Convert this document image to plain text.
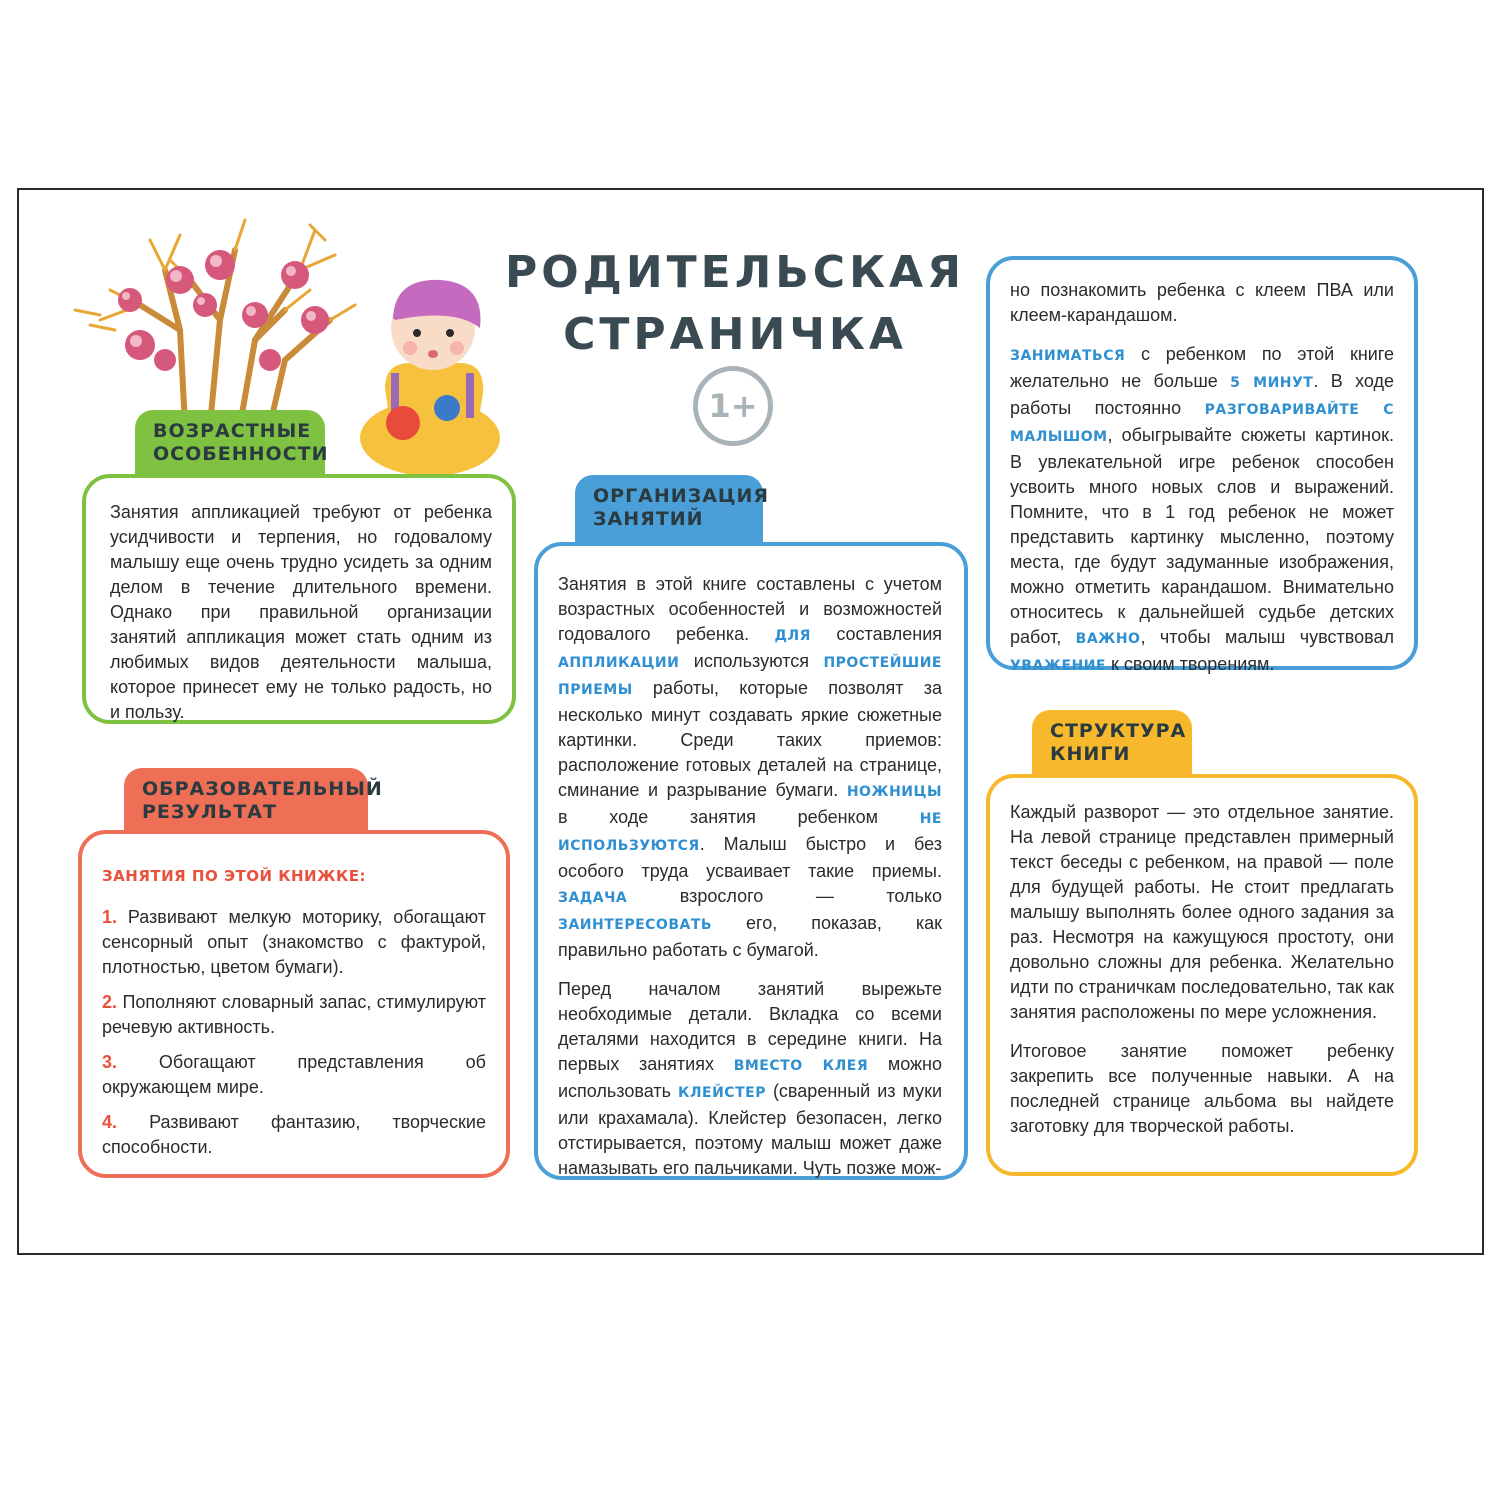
РОДИТЕЛЬСКАЯ
СТРАНИЧКА
1+
ВОЗРАСТНЫЕ
ОСОБЕННОСТИ

Занятия аппликацией требуют от ребенка усидчивости и терпения, но годовалому малышу еще очень трудно усидеть за одним делом в течение длительного времени. Однако при правильной организации занятий аппликация может стать одним из любимых видов деятельности малыша, которое принесет ему не только радость, но и пользу.

ОБРАЗОВАТЕЛЬНЫЙ
РЕЗУЛЬТАТ

ЗАНЯТИЯ ПО ЭТОЙ КНИЖКЕ:

1. Развивают мелкую моторику, обогащают сенсорный опыт (знакомство с фактурой, плотностью, цветом бумаги).

2. Пополняют словарный запас, стимулируют речевую активность.

3. Обогащают представления об окружающем мире.

4. Развивают фантазию, творческие способности.

ОРГАНИЗАЦИЯ
ЗАНЯТИЙ

Занятия в этой книге составлены с учетом возрастных особенностей и возможностей годовалого ребенка. ДЛЯ составления АППЛИКАЦИИ используются ПРОСТЕЙШИЕ ПРИЕМЫ работы, которые позволят за несколько минут создавать яркие сюжетные картинки. Среди таких приемов: расположение готовых деталей на странице, сминание и разрывание бумаги. НОЖНИЦЫ в ходе занятия ребенком НЕ ИСПОЛЬЗУЮТСЯ. Малыш быстро и без особого труда усваивает такие приемы. ЗАДАЧА взрослого — только ЗАИНТЕРЕСОВАТЬ его, показав, как правильно работать с бумагой.

Перед началом занятий вырежьте необходимые детали. Вкладка со всеми деталями находится в середине книги. На первых занятиях ВМЕСТО КЛЕЯ можно использовать КЛЕЙСТЕР (сваренный из муки или крахамала). Клейстер безопасен, легко отстирывается, поэтому малыш может даже намазывать его пальчиками. Чуть позже мож-

но познакомить ребенка с клеем ПВА или клеем-карандашом.

ЗАНИМАТЬСЯ с ребенком по этой книге желательно не больше 5 МИНУТ. В ходе работы постоянно РАЗГОВАРИВАЙТЕ С МАЛЫШОМ, обыгрывайте сюжеты картинок. В увлекательной игре ребенок способен усвоить много новых слов и выражений. Помните, что в 1 год ребенок не может представить картинку мысленно, поэтому места, где будут задуманные изображения, можно отметить карандашом. Внимательно относитесь к дальнейшей судьбе детских работ, ВАЖНО, чтобы малыш чувствовал УВАЖЕНИЕ к своим творениям.

СТРУКТУРА
КНИГИ

Каждый разворот — это отдельное занятие. На левой странице представлен примерный текст беседы с ребенком, на правой — поле для будущей работы. Не стоит предлагать малышу выполнять более одного задания за раз. Несмотря на кажущуюся простоту, они довольно сложны для ребенка. Желательно идти по страничкам последовательно, так как занятия расположены по мере усложнения.

Итоговое занятие поможет ребенку закрепить все полученные навыки. А на последней странице альбома вы найдете заготовку для творческой работы.
